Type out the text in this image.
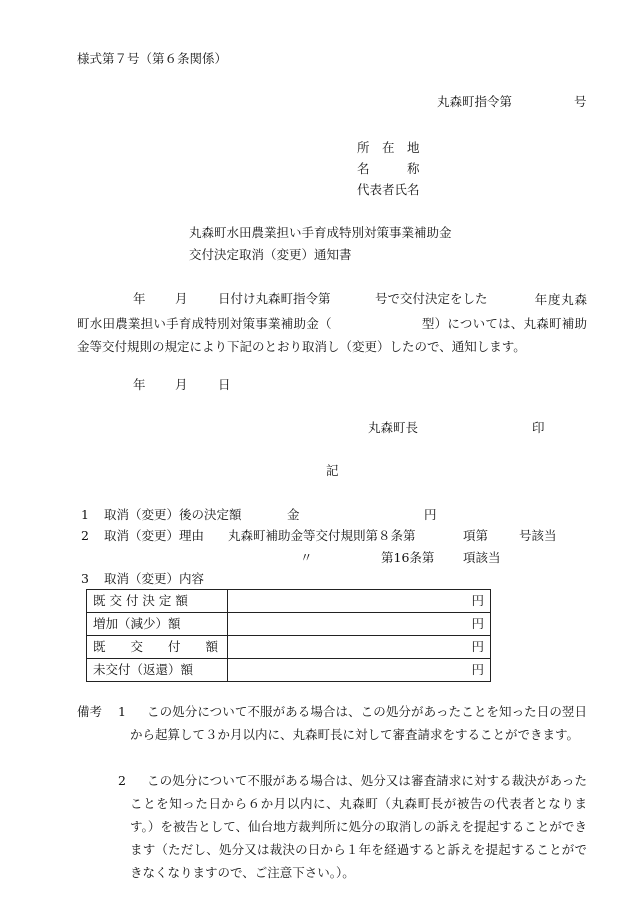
様式第７号（第６条関係）
丸森町指令第	号
所　在　地
名　　　称
代表者氏名
丸森町水田農業担い手育成特別対策事業補助金
交付決定取消（変更）通知書
年 月 日付け丸森町指令第	号で交付決定をした	年度丸森町水田農業担い手育成特別対策事業補助金（	型）については、丸森町補助金等交付規則の規定により下記のとおり取消し（変更）したので、通知します。
年 月 日
丸森町長	印
記
1 取消（変更）後の決定額	金	円
2 取消（変更）理由 丸森町補助金等交付規則第８条第	項第 号該当
〃	第16条第 項該当
3 取消（変更）内容
既 交 付 決 定 額	円
増加（減少）額	円
既　　交　　付　　額	円
未交付（返還）額	円
備考 1	この処分について不服がある場合は、この処分があったことを知った日の翌日から起算して３か月以内に、丸森町長に対して審査請求をすることができます。
2	この処分について不服がある場合は、処分又は審査請求に対する裁決があったことを知った日から６か月以内に、丸森町（丸森町長が被告の代表者となります。）を被告として、仙台地方裁判所に処分の取消しの訴えを提起することができます（ただし、処分又は裁決の日から１年を経過すると訴えを提起することができなくなりますので、ご注意下さい。）。
